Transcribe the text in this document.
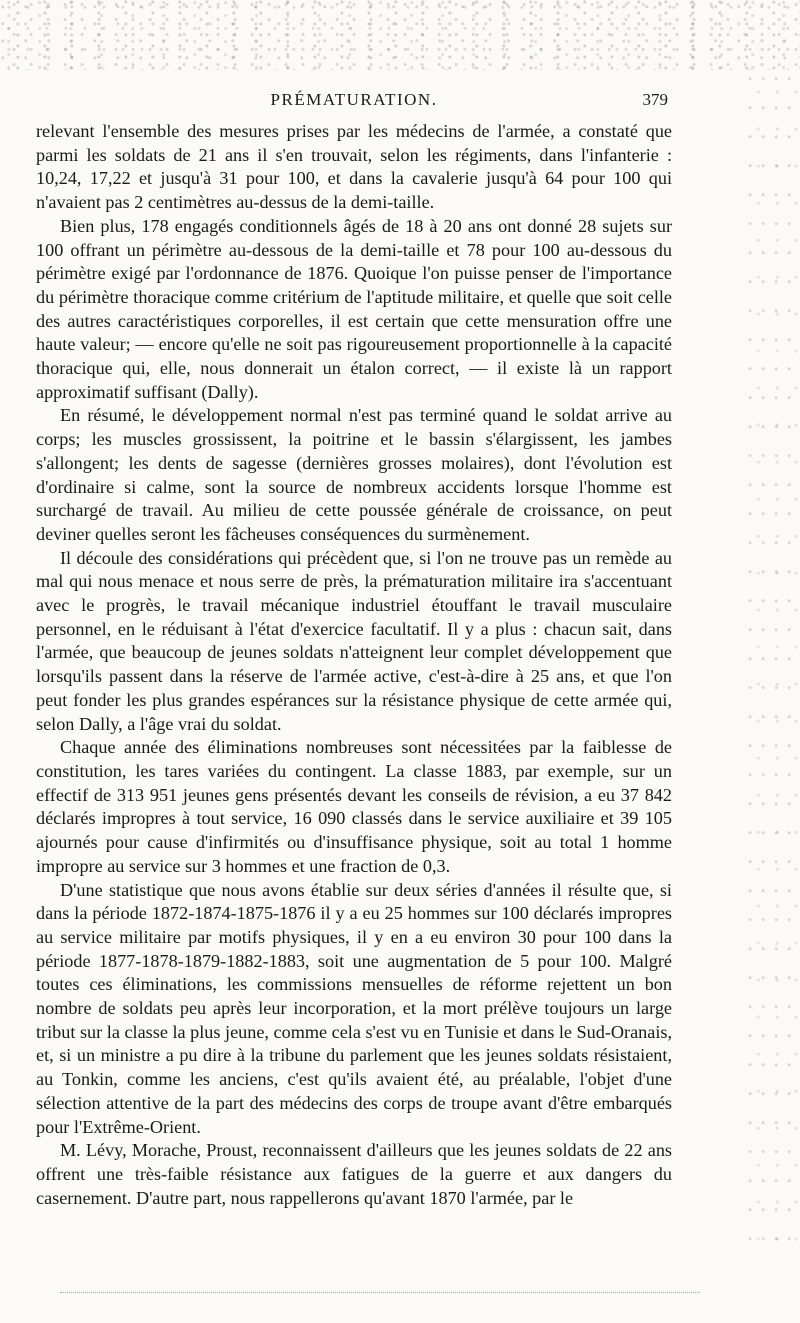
PRÉMATURATION.	379

relevant l'ensemble des mesures prises par les médecins de l'armée, a constaté que parmi les soldats de 21 ans il s'en trouvait, selon les régiments, dans l'infanterie : 10,24, 17,22 et jusqu'à 31 pour 100, et dans la cavalerie jusqu'à 64 pour 100 qui n'avaient pas 2 centimètres au-dessus de la demi-taille.

Bien plus, 178 engagés conditionnels âgés de 18 à 20 ans ont donné 28 sujets sur 100 offrant un périmètre au-dessous de la demi-taille et 78 pour 100 au-dessous du périmètre exigé par l'ordonnance de 1876. Quoique l'on puisse penser de l'importance du périmètre thoracique comme critérium de l'aptitude militaire, et quelle que soit celle des autres caractéristiques corporelles, il est certain que cette mensuration offre une haute valeur; — encore qu'elle ne soit pas rigoureusement proportionnelle à la capacité thoracique qui, elle, nous donnerait un étalon correct, — il existe là un rapport approximatif suffisant (Dally).

En résumé, le développement normal n'est pas terminé quand le soldat arrive au corps; les muscles grossissent, la poitrine et le bassin s'élargissent, les jambes s'allongent; les dents de sagesse (dernières grosses molaires), dont l'évolution est d'ordinaire si calme, sont la source de nombreux accidents lorsque l'homme est surchargé de travail. Au milieu de cette poussée générale de croissance, on peut deviner quelles seront les fâcheuses conséquences du surmènement.

Il découle des considérations qui précèdent que, si l'on ne trouve pas un remède au mal qui nous menace et nous serre de près, la prématuration militaire ira s'accentuant avec le progrès, le travail mécanique industriel étouffant le travail musculaire personnel, en le réduisant à l'état d'exercice facultatif. Il y a plus : chacun sait, dans l'armée, que beaucoup de jeunes soldats n'atteignent leur complet développement que lorsqu'ils passent dans la réserve de l'armée active, c'est-à-dire à 25 ans, et que l'on peut fonder les plus grandes espérances sur la résistance physique de cette armée qui, selon Dally, a l'âge vrai du soldat.

Chaque année des éliminations nombreuses sont nécessitées par la faiblesse de constitution, les tares variées du contingent. La classe 1883, par exemple, sur un effectif de 313 951 jeunes gens présentés devant les conseils de révision, a eu 37 842 déclarés impropres à tout service, 16 090 classés dans le service auxiliaire et 39 105 ajournés pour cause d'infirmités ou d'insuffisance physique, soit au total 1 homme impropre au service sur 3 hommes et une fraction de 0,3.

D'une statistique que nous avons établie sur deux séries d'années il résulte que, si dans la période 1872-1874-1875-1876 il y a eu 25 hommes sur 100 déclarés impropres au service militaire par motifs physiques, il y en a eu environ 30 pour 100 dans la période 1877-1878-1879-1882-1883, soit une augmentation de 5 pour 100. Malgré toutes ces éliminations, les commissions mensuelles de réforme rejettent un bon nombre de soldats peu après leur incorporation, et la mort prélève toujours un large tribut sur la classe la plus jeune, comme cela s'est vu en Tunisie et dans le Sud-Oranais, et, si un ministre a pu dire à la tribune du parlement que les jeunes soldats résistaient, au Tonkin, comme les anciens, c'est qu'ils avaient été, au préalable, l'objet d'une sélection attentive de la part des médecins des corps de troupe avant d'être embarqués pour l'Extrême-Orient.

M. Lévy, Morache, Proust, reconnaissent d'ailleurs que les jeunes soldats de 22 ans offrent une très-faible résistance aux fatigues de la guerre et aux dangers du casernement. D'autre part, nous rappellerons qu'avant 1870 l'armée, par le
